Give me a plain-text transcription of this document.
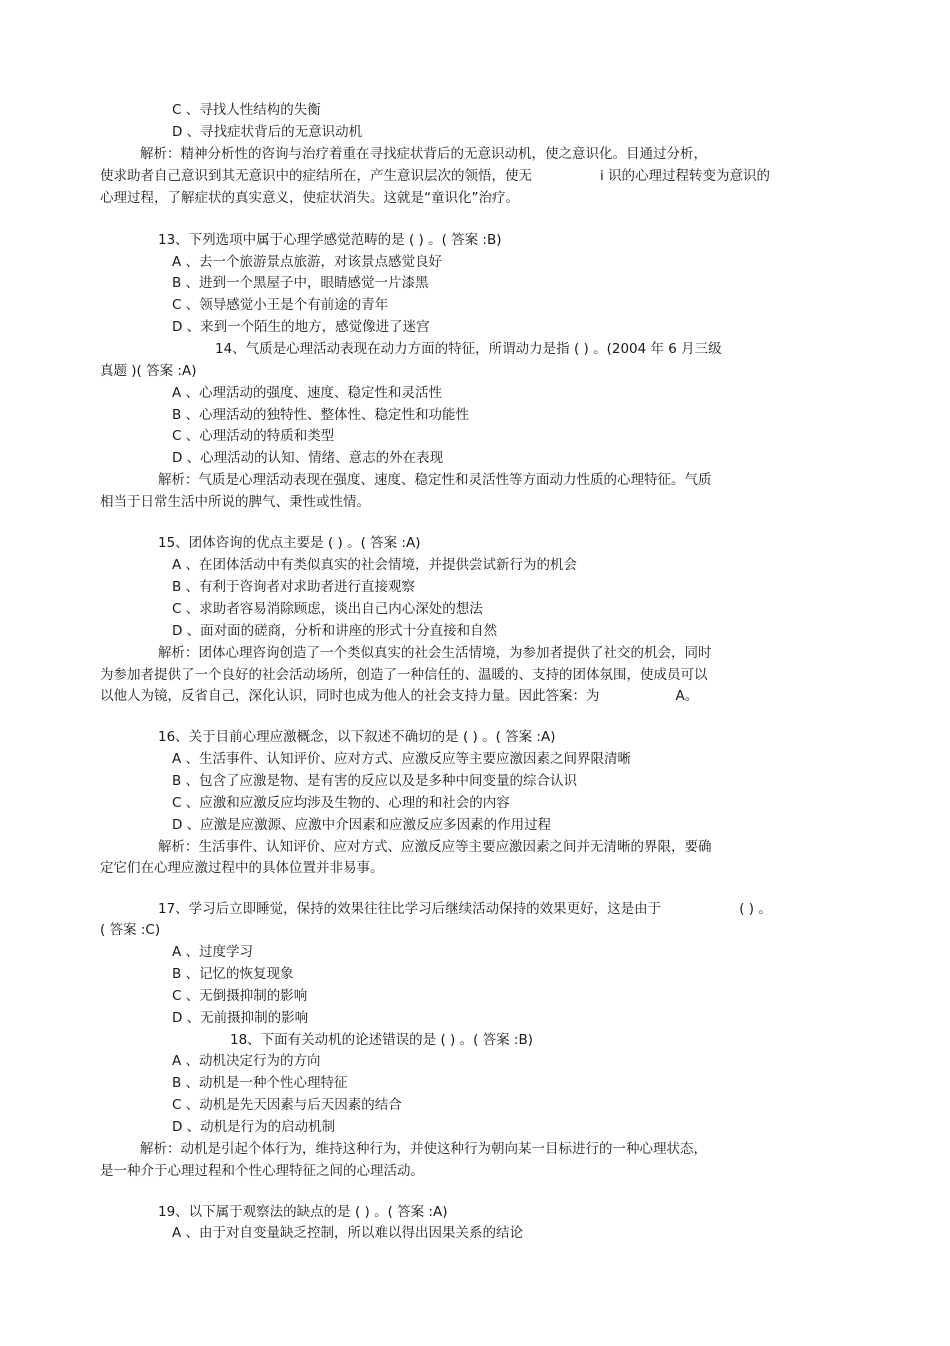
C 、寻找人性结构的失衡
D 、寻找症状背后的无意识动机
解析：精神分析性的咨询与治疗着重在寻找症状背后的无意识动机，使之意识化。目通过分析，
使求助者自己意识到其无意识中的症结所在，产生意识层次的领悟，使无	i 识的心理过程转变为意识的
心理过程，了解症状的真实意义，使症状消失。这就是“童识化”治疗。
13、下列选项中属于心理学感觉范畴的是 ( ) 。( 答案 :B)
A 、去一个旅游景点旅游，对该景点感觉良好
B 、进到一个黑屋子中，眼睛感觉一片漆黑
C 、领导感觉小王是个有前途的青年
D 、来到一个陌生的地方，感觉像进了迷宫
14、气质是心理活动表现在动力方面的特征，所谓动力是指 ( ) 。(2004 年 6 月三级
真题 )( 答案 :A)
A 、心理活动的强度、速度、稳定性和灵活性
B 、心理活动的独特性、整体性、稳定性和功能性
C 、心理活动的特质和类型
D 、心理活动的认知、情绪、意志的外在表现
解析：气质是心理活动表现在强度、速度、稳定性和灵活性等方面动力性质的心理特征。气质
相当于日常生活中所说的脾气、秉性或性情。
15、团体咨询的优点主要是 ( ) 。( 答案 :A)
A 、在团体活动中有类似真实的社会情境，并提供尝试新行为的机会
B 、有利于咨询者对求助者进行直接观察
C 、求助者容易消除顾虑，谈出自己内心深处的想法
D 、面对面的磋商，分析和讲座的形式十分直接和自然
解析：团体心理咨询创造了一个类似真实的社会生活情境，为参加者提供了社交的机会，同时
为参加者提供了一个良好的社会活动场所，创造了一种信任的、温暖的、支持的团体氛围，使成员可以
以他人为镜，反省自己，深化认识，同时也成为他人的社会支持力量。因此答案：为	A。
16、关于目前心理应激概念，以下叙述不确切的是 ( ) 。( 答案 :A)
A 、生活事件、认知评价、应对方式、应激反应等主要应激因素之间界限清晰
B 、包含了应激是物、是有害的反应以及是多种中间变量的综合认识
C 、应激和应激反应均涉及生物的、心理的和社会的内容
D 、应激是应激源、应激中介因素和应激反应多因素的作用过程
解析：生活事件、认知评价、应对方式、应激反应等主要应激因素之间并无清晰的界限，要确
定它们在心理应激过程中的具体位置并非易事。
17、学习后立即睡觉，保持的效果往往比学习后继续活动保持的效果更好，这是由于	( ) 。
( 答案 :C)
A 、过度学习
B 、记忆的恢复现象
C 、无倒摄抑制的影响
D 、无前摄抑制的影响
18、下面有关动机的论述错误的是 ( ) 。( 答案 :B)
A 、动机决定行为的方向
B 、动机是一种个性心理特征
C 、动机是先天因素与后天因素的结合
D 、动机是行为的启动机制
解析：动机是引起个体行为，维持这种行为，并使这种行为朝向某一目标进行的一种心理状态，
是一种介于心理过程和个性心理特征之间的心理活动。
19、以下属于观察法的缺点的是 ( ) 。( 答案 :A)
A 、由于对自变量缺乏控制，所以难以得出因果关系的结论
